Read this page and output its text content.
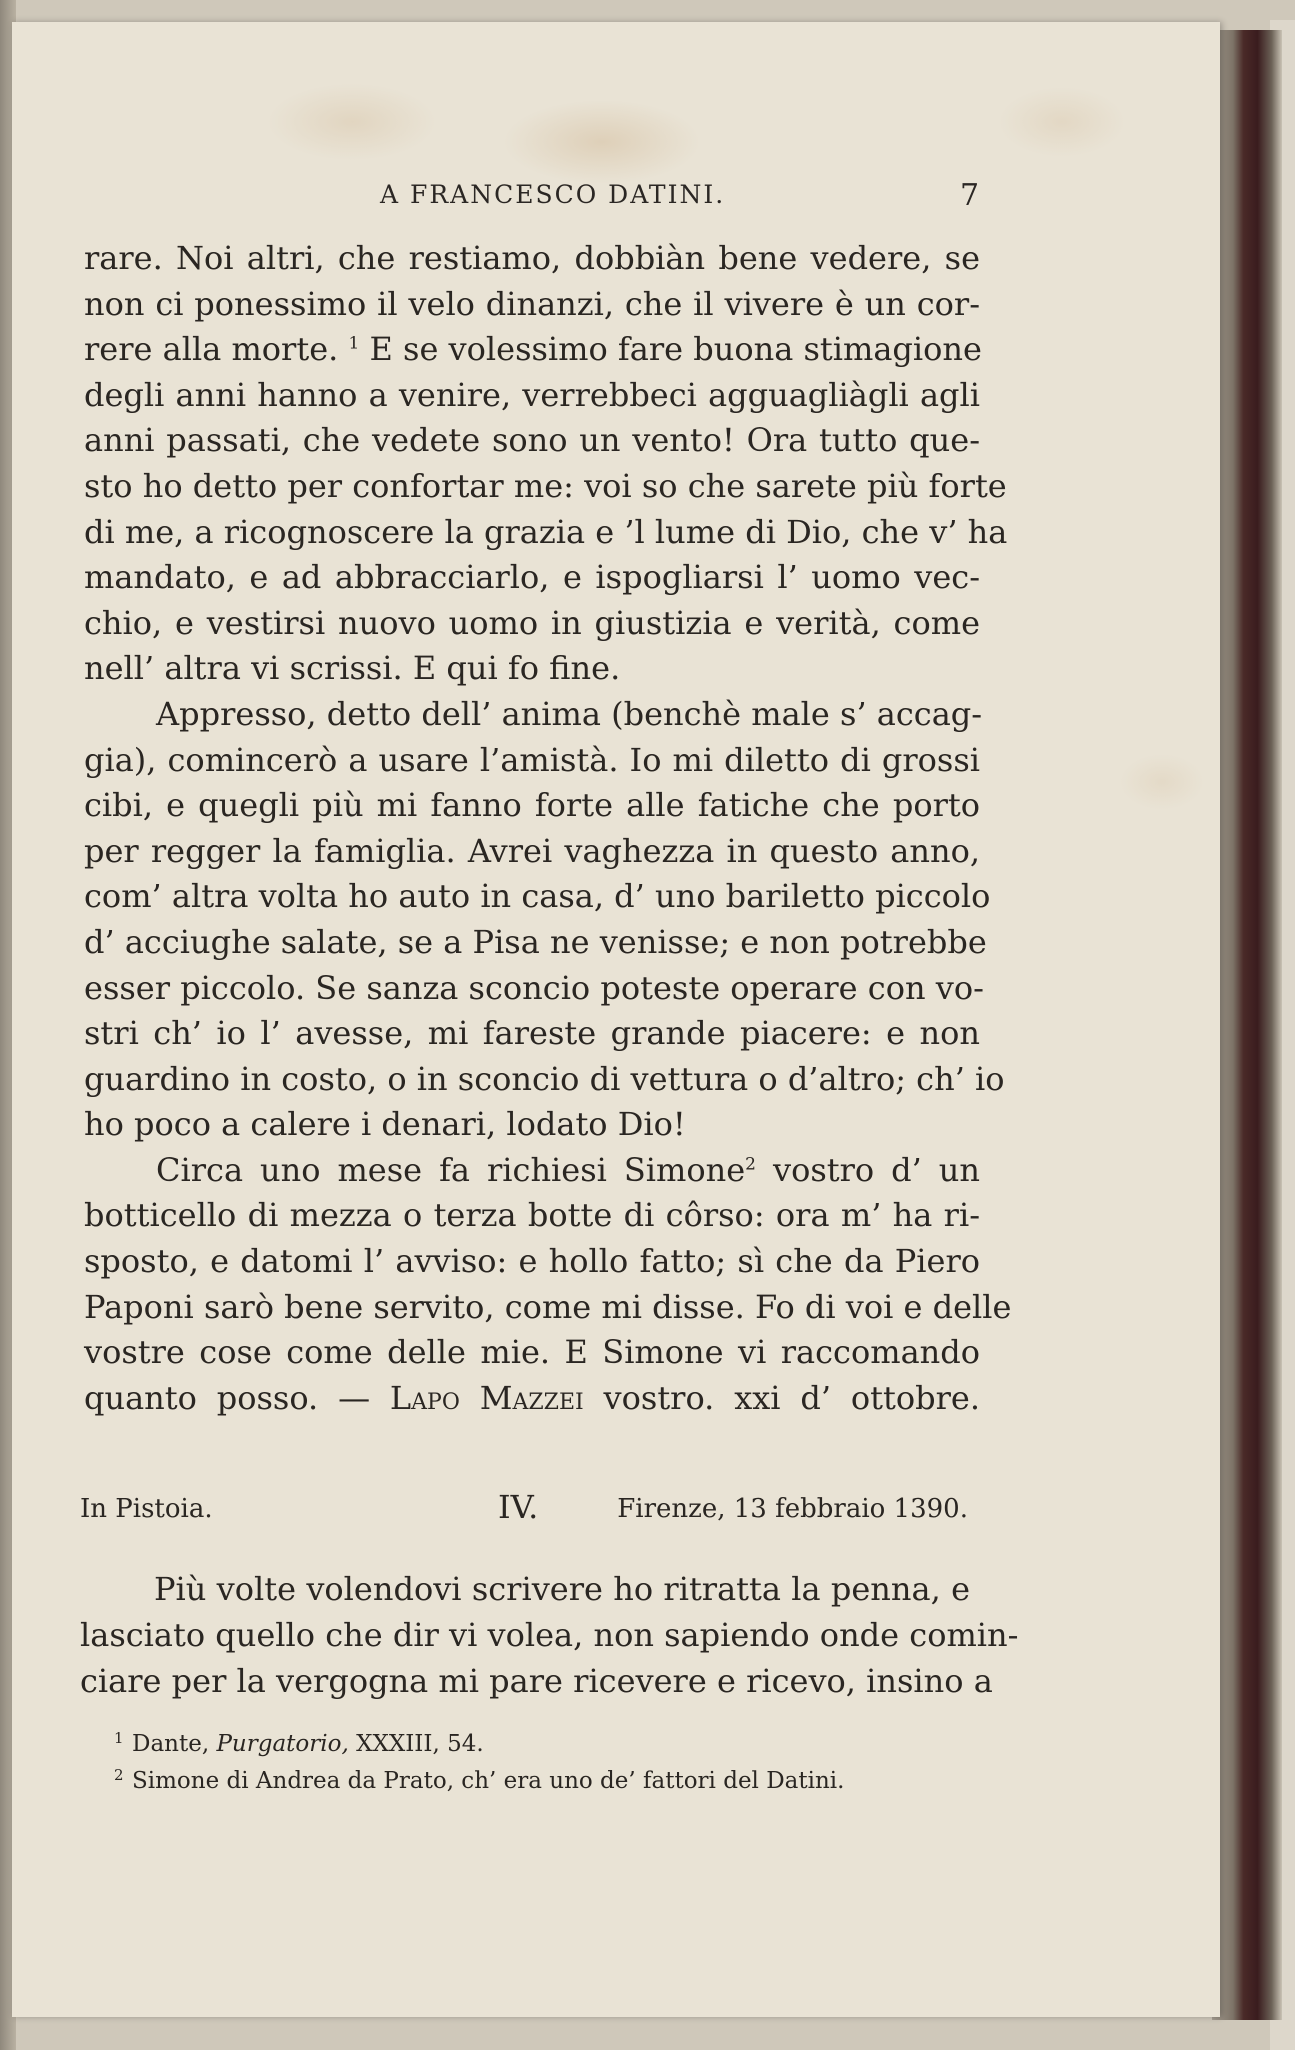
A FRANCESCO DATINI.	7
rare. Noi altri, che restiamo, dobbiàn bene vedere, se
non ci ponessimo il velo dinanzi, che il vivere è un cor-
rere alla morte. $^1$ E se volessimo fare buona stimagione
degli anni hanno a venire, verrebbeci agguagliàgli agli
anni passati, che vedete sono un vento! Ora tutto que-
sto ho detto per confortar me: voi so che sarete più forte
di me, a ricognoscere la grazia e ’l lume di Dio, che v’ ha
mandato, e ad abbracciarlo, e ispogliarsi l’ uomo vec-
chio, e vestirsi nuovo uomo in giustizia e verità, come
nell’ altra vi scrissi. E qui fo fine.
Appresso, detto dell’ anima (benchè male s’ accag-
gia), comincerò a usare l’amistà. Io mi diletto di grossi
cibi, e quegli più mi fanno forte alle fatiche che porto
per regger la famiglia. Avrei vaghezza in questo anno,
com’ altra volta ho auto in casa, d’ uno bariletto piccolo
d’ acciughe salate, se a Pisa ne venisse; e non potrebbe
esser piccolo. Se sanza sconcio poteste operare con vo-
stri ch’ io l’ avesse, mi fareste grande piacere: e non
guardino in costo, o in sconcio di vettura o d’altro; ch’ io
ho poco a calere i denari, lodato Dio!
Circa uno mese fa richiesi Simone$^2$ vostro d’ un
botticello di mezza o terza botte di côrso: ora m’ ha ri-
sposto, e datomi l’ avviso: e hollo fatto; sì che da Piero
Paponi sarò bene servito, come mi disse. Fo di voi e delle
vostre cose come delle mie. E Simone vi raccomando
quanto posso. — Lapo Mazzei vostro. xxi d’ ottobre.
In Pistoia.	IV.	Firenze, 13 febbraio 1390.
Più volte volendovi scrivere ho ritratta la penna, e
lasciato quello che dir vi volea, non sapiendo onde comin-
ciare per la vergogna mi pare ricevere e ricevo, insino a
1 Dante, Purgatorio, XXXIII, 54.
2 Simone di Andrea da Prato, ch’ era uno de’ fattori del Datini.
